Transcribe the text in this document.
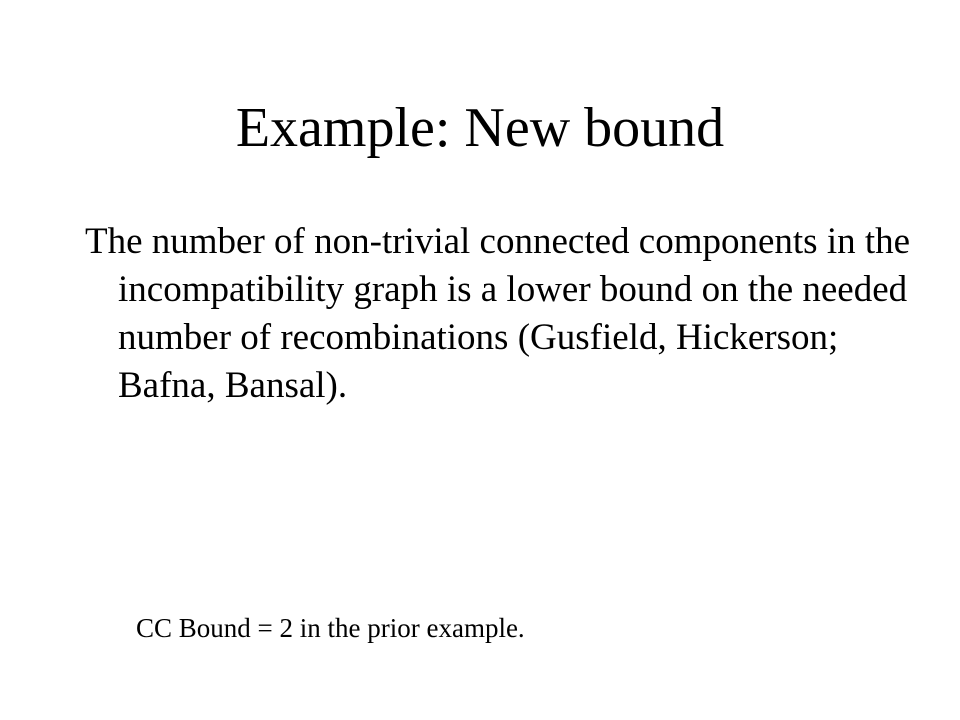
Example: New bound

The number of non-trivial connected components in the incompatibility graph is a lower bound on the needed number of recombinations (Gusfield, Hickerson; Bafna, Bansal).

CC Bound = 2 in the prior example.
